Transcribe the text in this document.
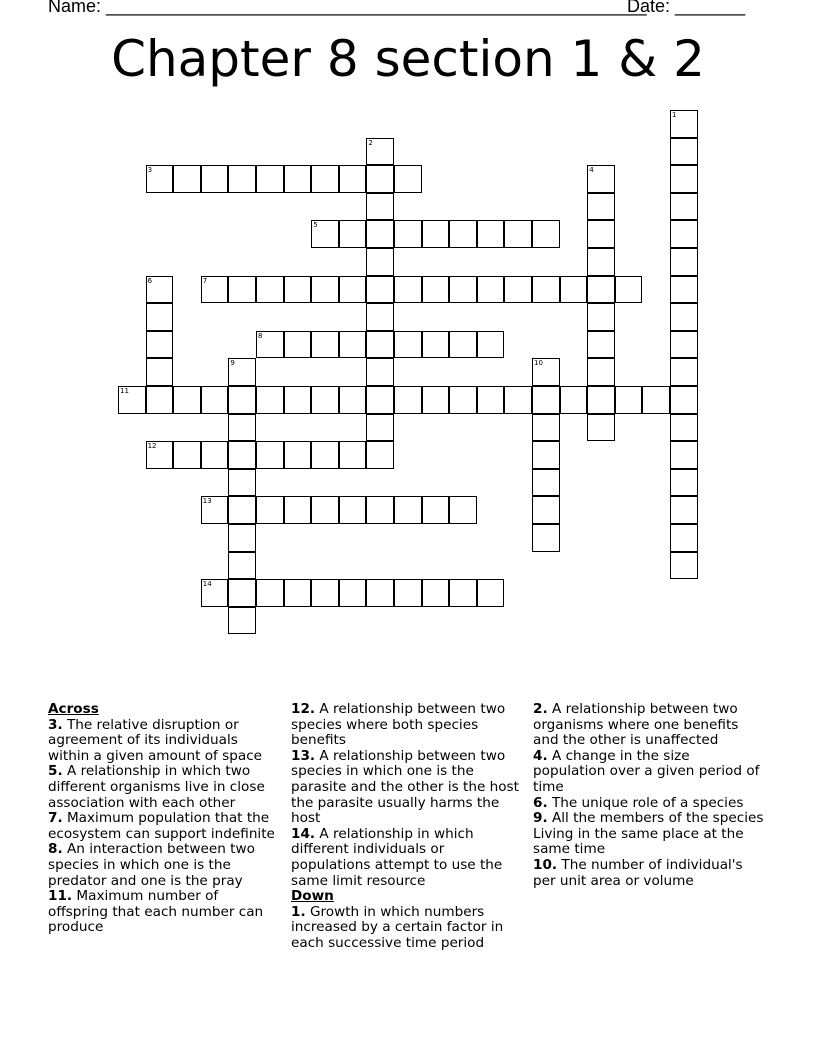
Name: ______________________________________________________
Date: _______
Chapter 8 section 1 & 2
1
2
3	4
5
6	7
8
9	10
11
12
13
14
Across

3. The relative disruption or agreement of its individuals within a given amount of space

5. A relationship in which two different organisms live in close association with each other

7. Maximum population that the ecosystem can support indefinite

8. An interaction between two species in which one is the predator and one is the pray

11. Maximum number of offspring that each number can produce

12. A relationship between two species where both species benefits

13. A relationship between two species in which one is the parasite and the other is the host the parasite usually harms the host

14. A relationship in which different individuals or populations attempt to use the same limit resource

Down

1. Growth in which numbers increased by a certain factor in each successive time period

2. A relationship between two organisms where one benefits and the other is unaffected

4. A change in the size population over a given period of time

6. The unique role of a species

9. All the members of the species Living in the same place at the same time

10. The number of individual's per unit area or volume
